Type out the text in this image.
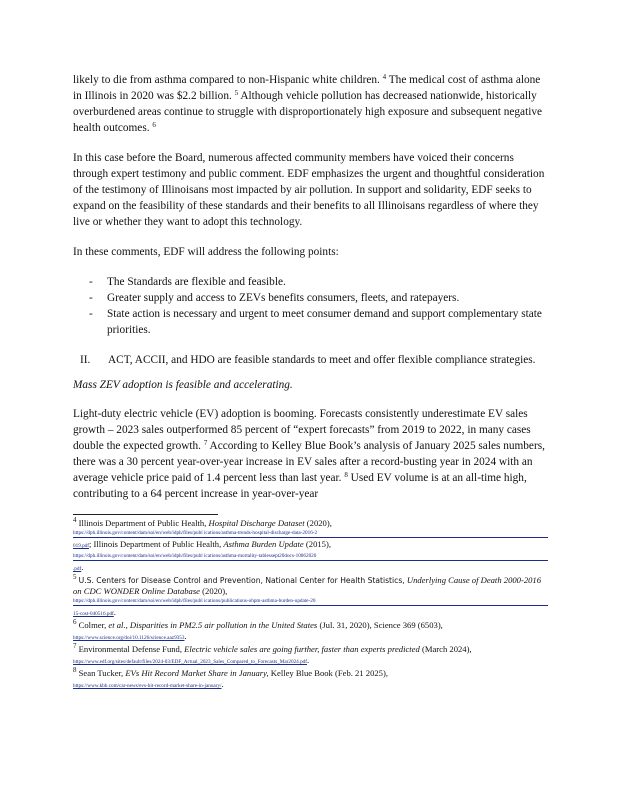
likely to die from asthma compared to non-Hispanic white children. $^4$ The medical cost of asthma alone in Illinois in 2020 was $2.2 billion. $^5$ Although vehicle pollution has decreased nationwide, historically overburdened areas continue to struggle with disproportionately high exposure and subsequent negative health outcomes. $^6$

In this case before the Board, numerous affected community members have voiced their concerns through expert testimony and public comment. EDF emphasizes the urgent and thoughtful consideration of the testimony of Illinoisans most impacted by air pollution. In support and solidarity, EDF seeks to expand on the feasibility of these standards and their benefits to all Illinoisans regardless of where they live or whether they want to adopt this technology.

In these comments, EDF will address the following points:

- The Standards are flexible and feasible.
- Greater supply and access to ZEVs benefits consumers, fleets, and ratepayers.
- State action is necessary and urgent to meet consumer demand and support complementary state priorities.
II.	ACT, ACCII, and HDO are feasible standards to meet and offer flexible compliance strategies.

Mass ZEV adoption is feasible and accelerating.

Light-duty electric vehicle (EV) adoption is booming. Forecasts consistently underestimate EV sales growth – 2023 sales outperformed 85 percent of “expert forecasts” from 2019 to 2022, in many cases double the expected growth. $^7$ According to Kelley Blue Book’s analysis of January 2025 sales numbers, there was a 30 percent year-over-year increase in EV sales after a record-busting year in 2024 with an average vehicle price paid of 1.4 percent less than last year. $^8$ Used EV volume is at an all-time high, contributing to a 64 percent increase in year-over-year

$^4$ Illinois Department of Public Health, Hospital Discharge Dataset (2020),
https://dph.illinois.gov/content/dam/soi/en/web/idph/files/publ ications/asthma-trends-hospital-discharge-data-2016-2
019.pdf; Illinois Department of Public Health, Asthma Burden Update (2015),
https://dph.illinois.gov/content/dam/soi/en/web/idph/files/publ ications/asthma-mortality-tablessept20docs-10062020
.pdf.
$^5$ U.S. Centers for Disease Control and Prevention, National Center for Health Statistics, Underlying Cause of Death 2000-2016 on CDC WONDER Online Database (2020),
https://dph.illinois.gov/content/dam/soi/en/web/idph/files/publ ications/publications-ohpm-asthma-burden-update-20
15-cost-040516.pdf.
$^6$ Colmer, et al., Disparities in PM2.5 air pollution in the United States (Jul. 31, 2020), Science 369 (6503),
https://www.science.org/doi/10.1126/science.aaz9353.
$^7$ Environmental Defense Fund, Electric vehicle sales are going further, faster than experts predicted (March 2024),
https://www.edf.org/sites/default/files/2024-03/EDF_Actual_2023_Sales_Compared_to_Forecasts_Mar2024.pdf.
$^8$ Sean Tucker, EVs Hit Record Market Share in January, Kelley Blue Book (Feb. 21 2025),
https://www.kbb.com/car-news/evs-hit-record-market-share-in-january/.
